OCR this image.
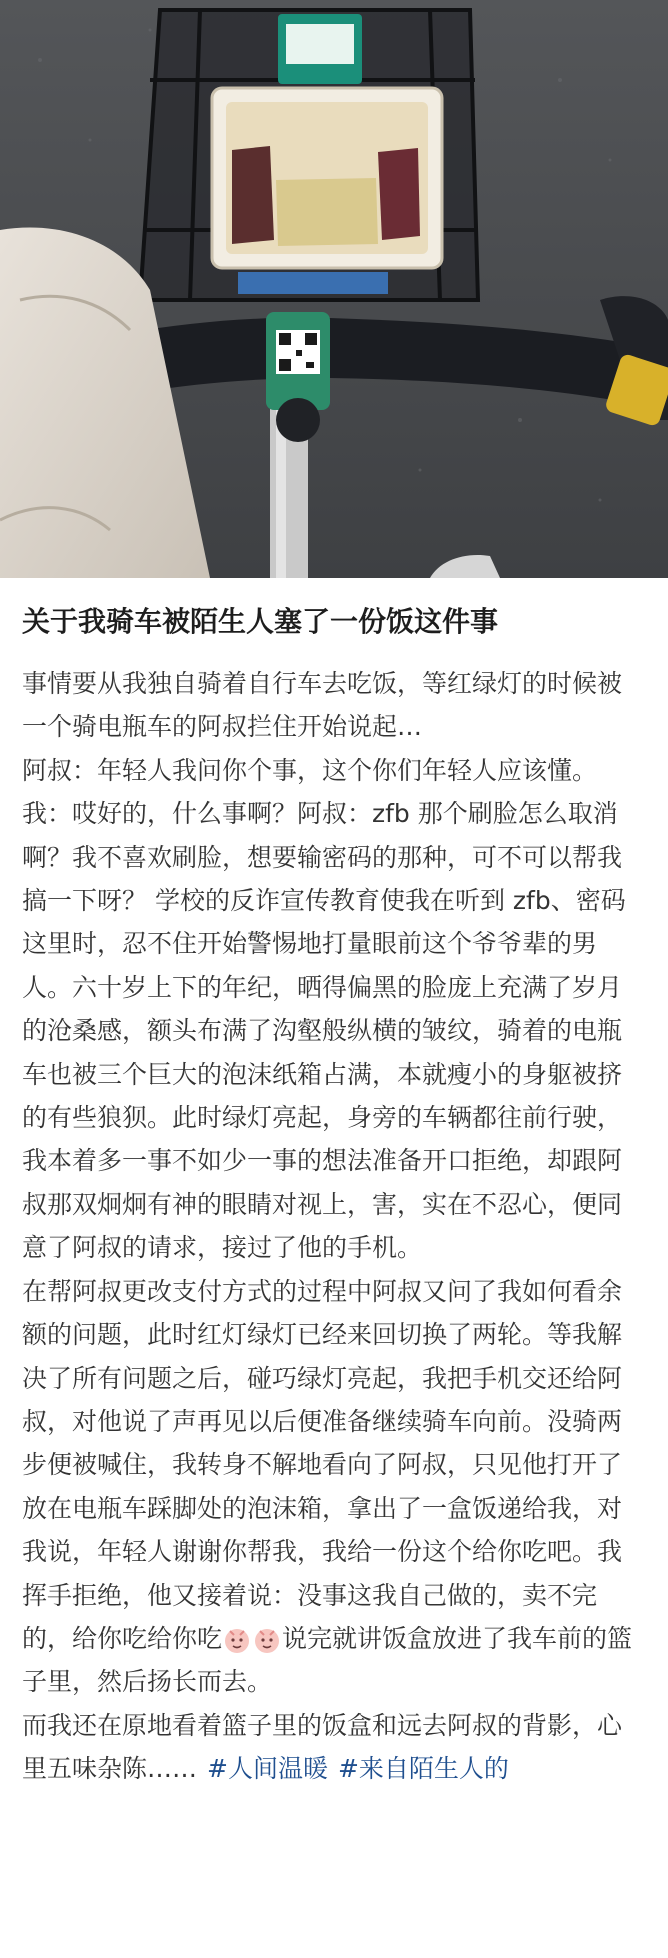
关于我骑车被陌生人塞了一份饭这件事

事情要从我独自骑着自行车去吃饭，等红绿灯的时候被一个骑电瓶车的阿叔拦住开始说起…

阿叔：年轻人我问你个事，这个你们年轻人应该懂。我：哎好的，什么事啊？阿叔：zfb 那个刷脸怎么取消啊？我不喜欢刷脸，想要输密码的那种，可不可以帮我搞一下呀？ 学校的反诈宣传教育使我在听到 zfb、密码这里时，忍不住开始警惕地打量眼前这个爷爷辈的男人。六十岁上下的年纪，晒得偏黑的脸庞上充满了岁月的沧桑感，额头布满了沟壑般纵横的皱纹，骑着的电瓶车也被三个巨大的泡沫纸箱占满，本就瘦小的身躯被挤的有些狼狈。此时绿灯亮起，身旁的车辆都往前行驶，我本着多一事不如少一事的想法准备开口拒绝，却跟阿叔那双炯炯有神的眼睛对视上，害，实在不忍心，便同意了阿叔的请求，接过了他的手机。

在帮阿叔更改支付方式的过程中阿叔又问了我如何看余额的问题，此时红灯绿灯已经来回切换了两轮。等我解决了所有问题之后，碰巧绿灯亮起，我把手机交还给阿叔，对他说了声再见以后便准备继续骑车向前。没骑两步便被喊住，我转身不解地看向了阿叔，只见他打开了放在电瓶车踩脚处的泡沫箱，拿出了一盒饭递给我，对我说，年轻人谢谢你帮我，我给一份这个给你吃吧。我挥手拒绝，他又接着说：没事这我自己做的，卖不完的，给你吃给你吃 说完就讲饭盒放进了我车前的篮子里，然后扬长而去。

而我还在原地看着篮子里的饭盒和远去阿叔的背影，心里五味杂陈…… #人间温暖 #来自陌生人的
